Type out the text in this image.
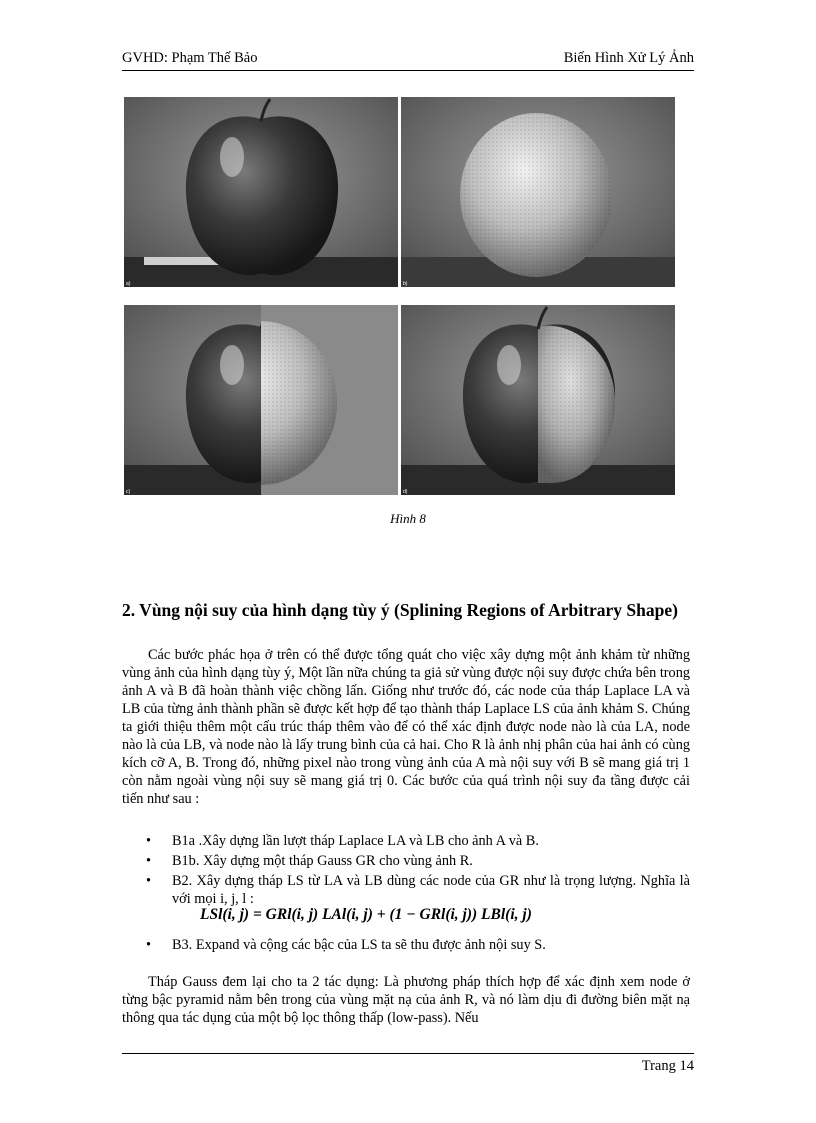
GVHD: Phạm Thế Bảo	Biến Hình Xử Lý Ảnh
a)	b)
c)	d)
Hình 8
2. Vùng nội suy của hình dạng tùy ý (Splining Regions of Arbitrary Shape)
Các bước phác họa ở trên có thể được tổng quát cho việc xây dựng một ảnh khảm từ những vùng ảnh của hình dạng tùy ý, Một lần nữa chúng ta giả sử vùng được nội suy được chứa bên trong ảnh A và B đã hoàn thành việc chồng lấn. Giống như trước đó, các node của tháp Laplace LA và LB của từng ảnh thành phần sẽ được kết hợp để tạo thành tháp Laplace LS của ảnh khảm S. Chúng ta giới thiệu thêm một cấu trúc tháp thêm vào để có thể xác định được node nào là của LA, node nào là của LB, và node nào là lấy trung bình của cả hai. Cho R là ảnh nhị phân của hai ảnh có cùng kích cỡ A, B. Trong đó, những pixel nào trong vùng ảnh của A mà nội suy với B sẽ mang giá trị 1 còn nằm ngoài vùng nội suy sẽ mang giá trị 0. Các bước của quá trình nội suy đa tầng được cải tiến như sau :
• B1a .Xây dựng lần lượt tháp Laplace LA và LB cho ảnh A và B.
• B1b. Xây dựng một tháp Gauss GR cho vùng ảnh R.
• B2. Xây dựng tháp LS từ LA và LB dùng các node của GR như là trọng lượng. Nghĩa là với mọi i, j, l :
LSl(i, j) = GRl(i, j) LAl(i, j) + (1 − GRl(i, j)) LBl(i, j)
• B3. Expand và cộng các bậc của LS ta sẽ thu được ảnh nội suy S.
Tháp Gauss đem lại cho ta 2 tác dụng: Là phương pháp thích hợp để xác định xem node ở từng bậc pyramid nằm bên trong của vùng mặt nạ của ảnh R, và nó làm dịu đi đường biên mặt nạ thông qua tác dụng của một bộ lọc thông thấp (low-pass). Nếu
Trang 14
